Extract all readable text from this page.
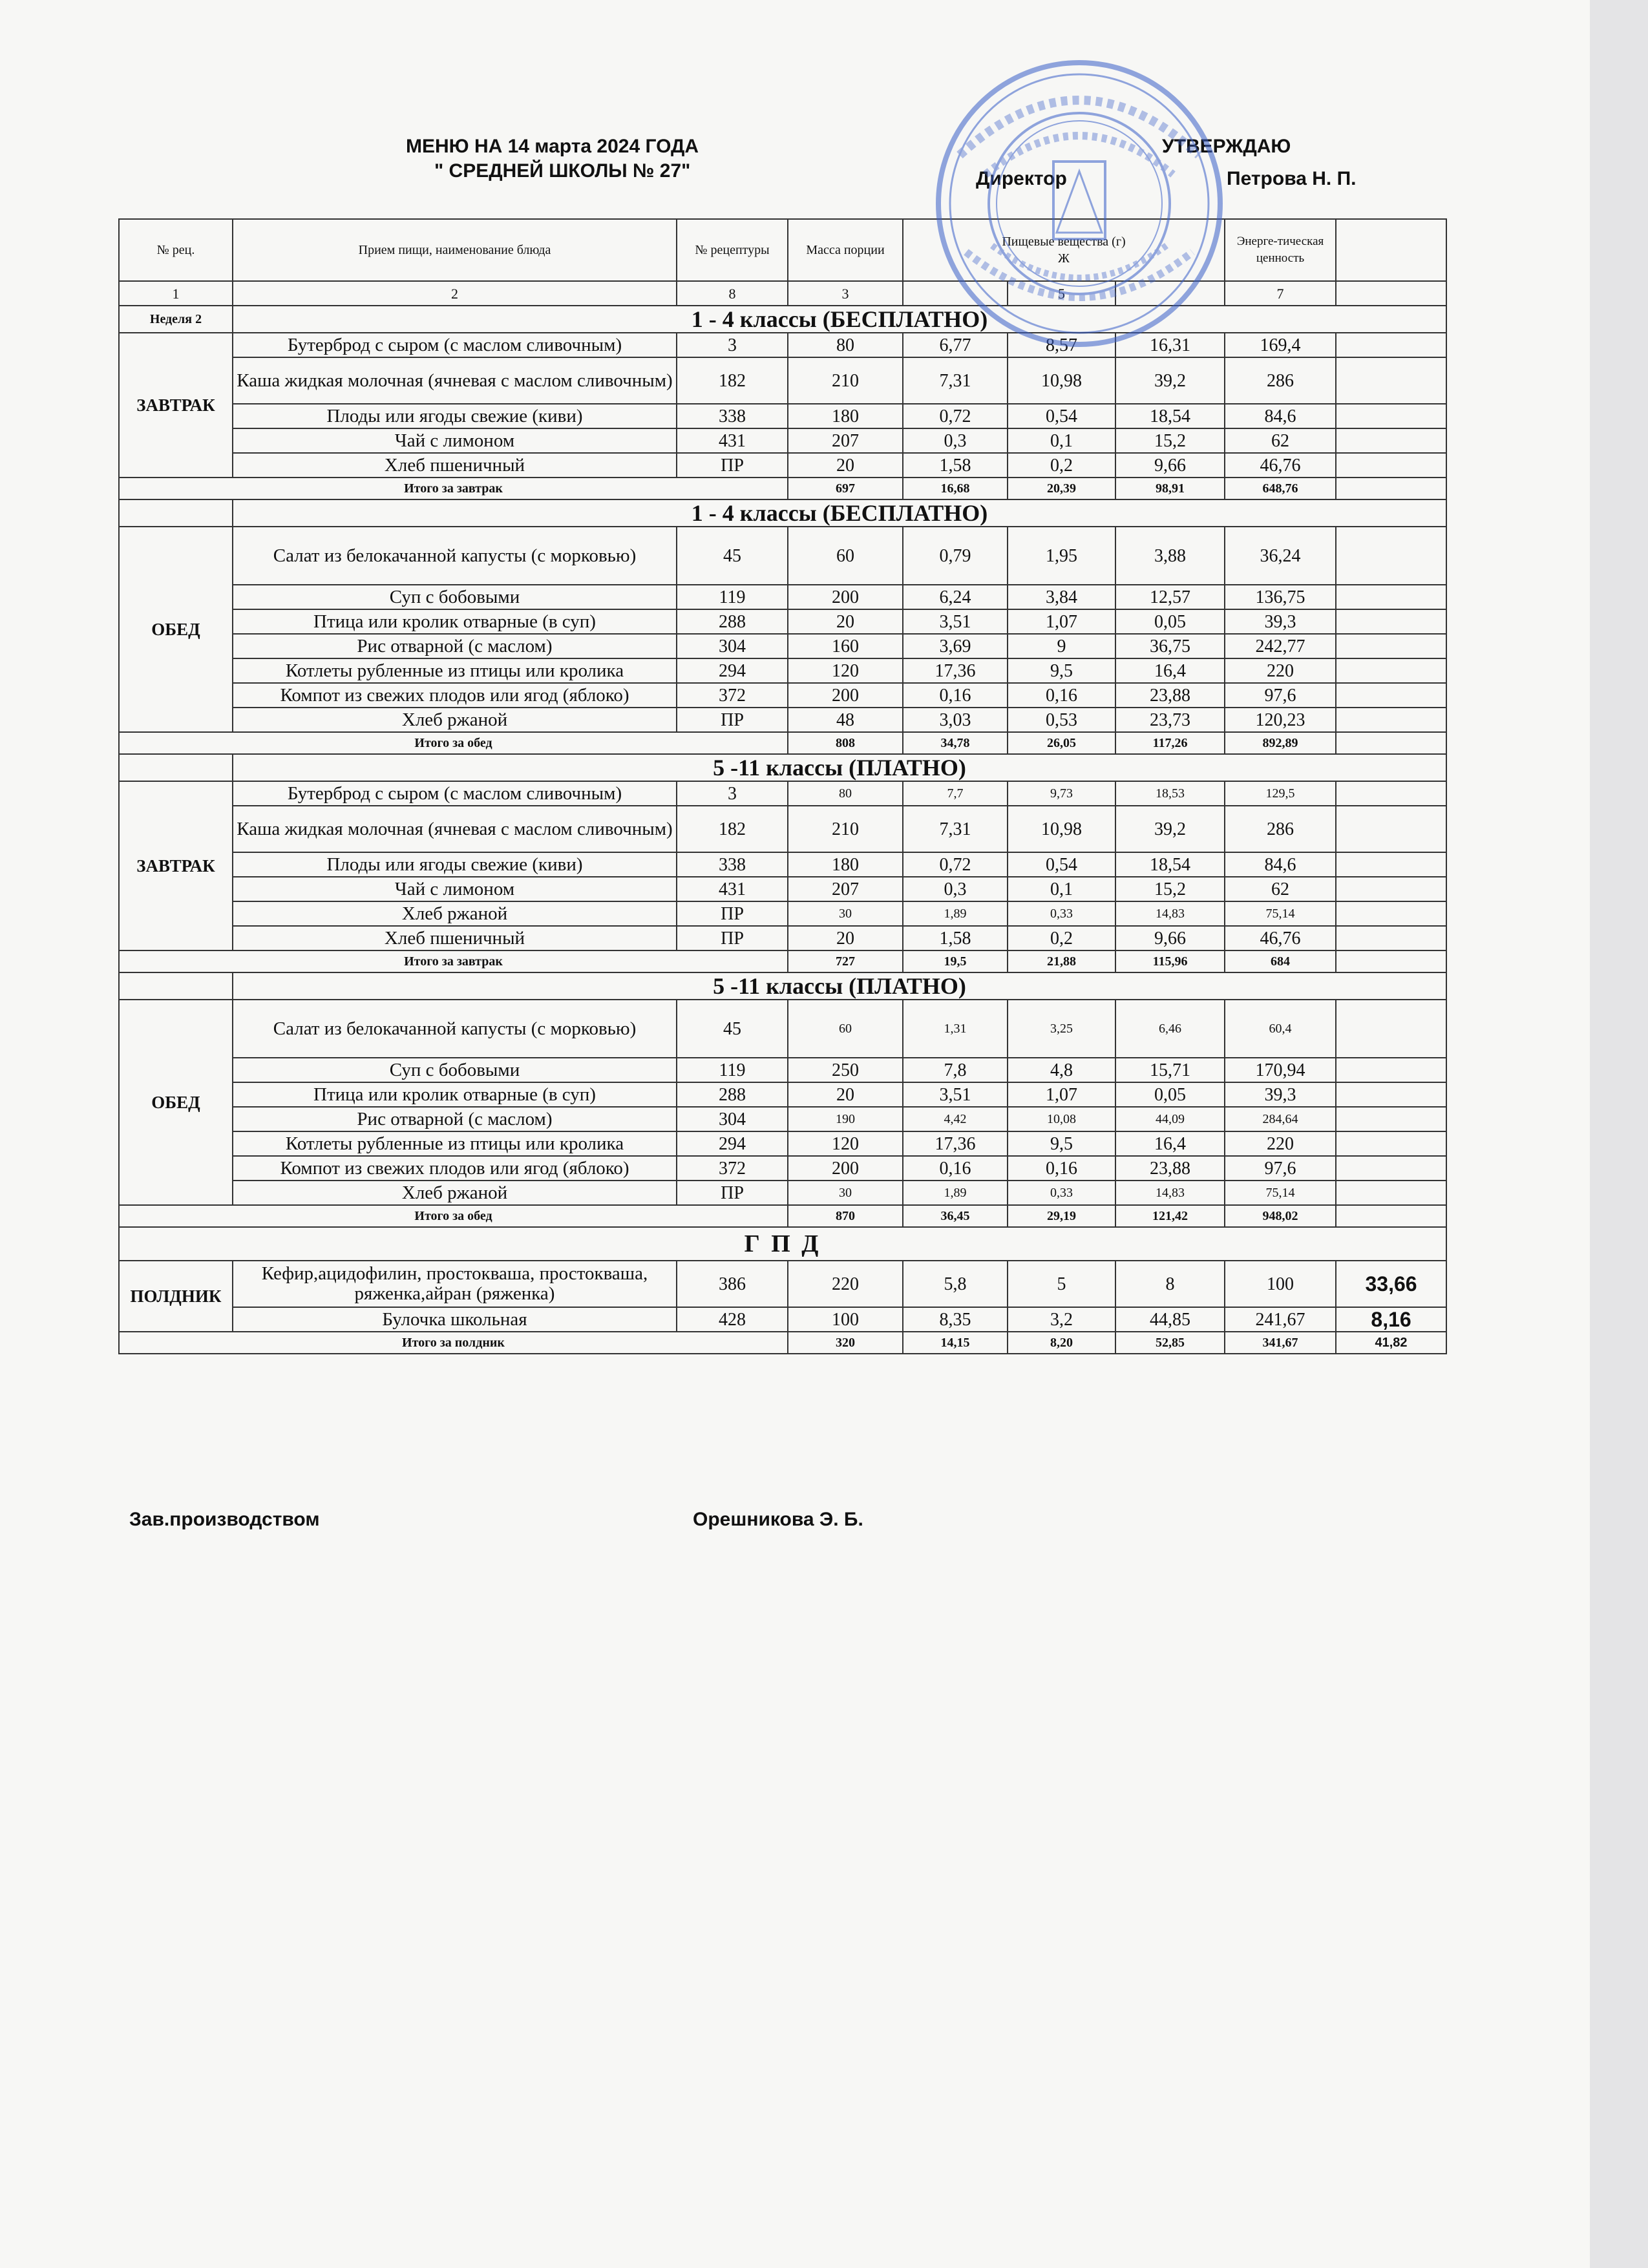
МЕНЮ НА 14 марта 2024 ГОДА
" СРЕДНЕЙ ШКОЛЫ № 27"
УТВЕРЖДАЮ
Директор	Петрова Н. П.
№ рец.	Прием пищи, наименование блюда	№ рецептуры	Масса порции	Пищевые вещества (г)
Ж			Энерге-тическая ценность	
1	2	8	3		5		7	
Неделя 2	1 - 4 классы (БЕСПЛАТНО)							
ЗАВТРАК	Бутерброд с сыром (с маслом сливочным)	3	80	6,77	8,57	16,31	169,4	
	Каша жидкая молочная (ячневая с маслом сливочным)	182	210	7,31	10,98	39,2	286	
	Плоды или ягоды свежие (киви)	338	180	0,72	0,54	18,54	84,6	
	Чай с лимоном	431	207	0,3	0,1	15,2	62	
	Хлеб пшеничный	ПР	20	1,58	0,2	9,66	46,76	
Итого за завтрак			697	16,68	20,39	98,91	648,76	
	1 - 4 классы (БЕСПЛАТНО)							
ОБЕД	Салат из белокачанной капусты (с морковью)	45	60	0,79	1,95	3,88	36,24	
	Суп с бобовыми	119	200	6,24	3,84	12,57	136,75	
	Птица или кролик отварные (в суп)	288	20	3,51	1,07	0,05	39,3	
	Рис отварной (с маслом)	304	160	3,69	9	36,75	242,77	
	Котлеты рубленные из птицы или кролика	294	120	17,36	9,5	16,4	220	
	Компот из свежих плодов или ягод (яблоко)	372	200	0,16	0,16	23,88	97,6	
	Хлеб ржаной	ПР	48	3,03	0,53	23,73	120,23	
Итого за обед			808	34,78	26,05	117,26	892,89	
	5 -11 классы (ПЛАТНО)							
ЗАВТРАК	Бутерброд с сыром (с маслом сливочным)	3	80	7,7	9,73	18,53	129,5	
	Каша жидкая молочная (ячневая с маслом сливочным)	182	210	7,31	10,98	39,2	286	
	Плоды или ягоды свежие (киви)	338	180	0,72	0,54	18,54	84,6	
	Чай с лимоном	431	207	0,3	0,1	15,2	62	
	Хлеб ржаной	ПР	30	1,89	0,33	14,83	75,14	
	Хлеб пшеничный	ПР	20	1,58	0,2	9,66	46,76	
Итого за завтрак			727	19,5	21,88	115,96	684	
	5 -11 классы (ПЛАТНО)							
ОБЕД	Салат из белокачанной капусты (с морковью)	45	60	1,31	3,25	6,46	60,4	
	Суп с бобовыми	119	250	7,8	4,8	15,71	170,94	
	Птица или кролик отварные (в суп)	288	20	3,51	1,07	0,05	39,3	
	Рис отварной (с маслом)	304	190	4,42	10,08	44,09	284,64	
	Котлеты рубленные из птицы или кролика	294	120	17,36	9,5	16,4	220	
	Компот из свежих плодов или ягод (яблоко)	372	200	0,16	0,16	23,88	97,6	
	Хлеб ржаной	ПР	30	1,89	0,33	14,83	75,14	
Итого за обед			870	36,45	29,19	121,42	948,02	
Г П Д								
ПОЛДНИК	Кефир,ацидофилин, простокваша, простокваша, ряженка,айран (ряженка)	386	220	5,8	5	8	100	33,66
	Булочка школьная	428	100	8,35	3,2	44,85	241,67	8,16
Итого за полдник			320	14,15	8,20	52,85	341,67	41,82
Зав.производством	Орешникова Э. Б.
